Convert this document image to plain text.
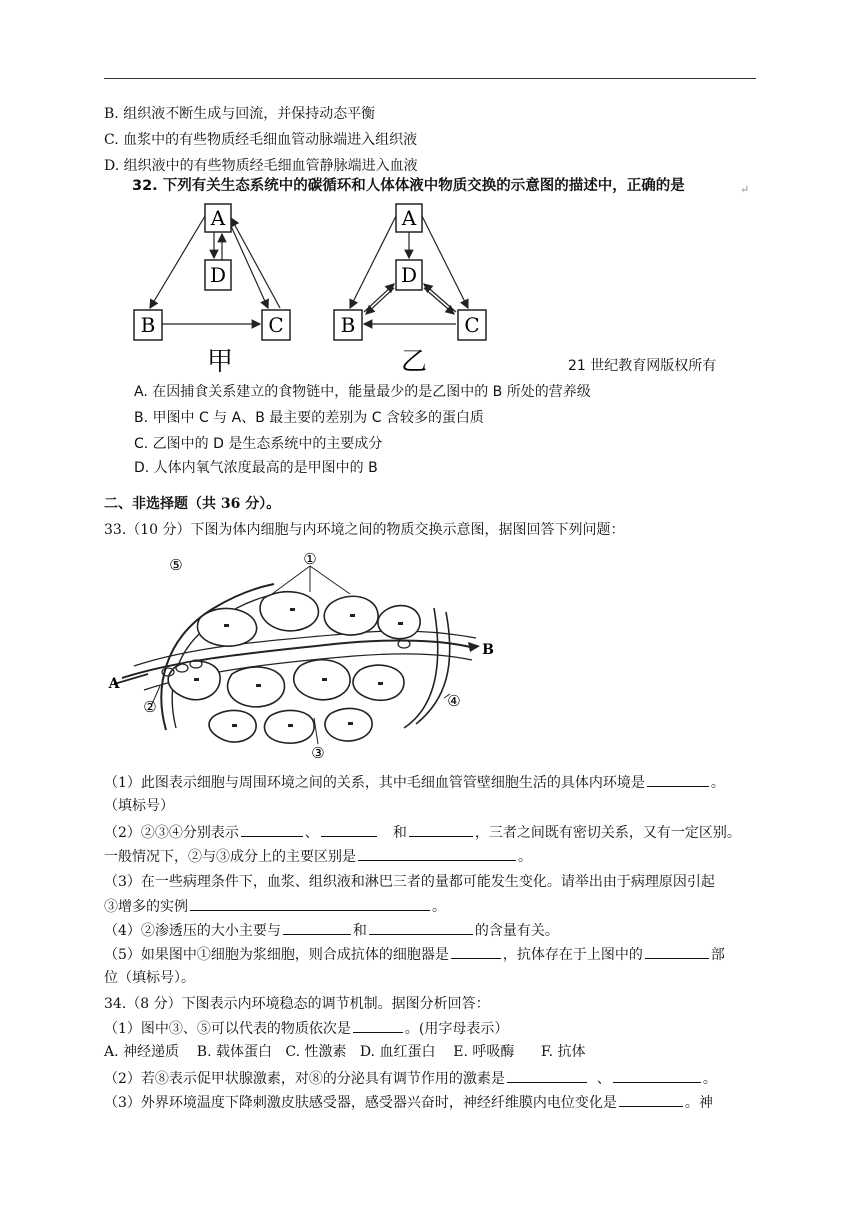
B. 组织液不断生成与回流，并保持动态平衡
C. 血浆中的有些物质经毛细血管动脉端进入组织液
D. 组织液中的有些物质经毛细血管静脉端进入血液
32. 下列有关生态系统中的碳循环和人体体液中物质交换的示意图的描述中，正确的是	↵
A
D
B	C
甲
A
D
B	C
乙	21 世纪教育网版权所有
A. 在因捕食关系建立的食物链中，能量最少的是乙图中的 B 所处的营养级
B. 甲图中 C 与 A、B 最主要的差别为 C 含较多的蛋白质
C. 乙图中的 D 是生态系统中的主要成分
D. 人体内氧气浓度最高的是甲图中的 B
二、非选择题（共 36 分）。
33.（10 分）下图为体内细胞与内环境之间的物质交换示意图，据图回答下列问题：
①
②
③
④
⑤
A
B
（1）此图表示细胞与周围环境之间的关系，其中毛细血管管壁细胞生活的具体内环境是	。
（填标号）
（2）②③④分别表示	、	和	，三者之间既有密切关系，又有一定区别。
一般情况下，②与③成分上的主要区别是	。
（3）在一些病理条件下，血浆、组织液和淋巴三者的量都可能发生变化。请举出由于病理原因引起
③增多的实例	。
（4）②渗透压的大小主要与	和	的含量有关。
（5）如果图中①细胞为浆细胞，则合成抗体的细胞器是	，抗体存在于上图中的	部
位（填标号）。
34.（8 分）下图表示内环境稳态的调节机制。据图分析回答：
（1）图中③、⑤可以代表的物质依次是	。(用字母表示）
A. 神经递质    B. 载体蛋白   C. 性激素   D. 血红蛋白    E. 呼吸酶      F. 抗体
（2）若⑧表示促甲状腺激素，对⑧的分泌具有调节作用的激素是	、	。
（3）外界环境温度下降刺激皮肤感受器，感受器兴奋时，神经纤维膜内电位变化是	。神
